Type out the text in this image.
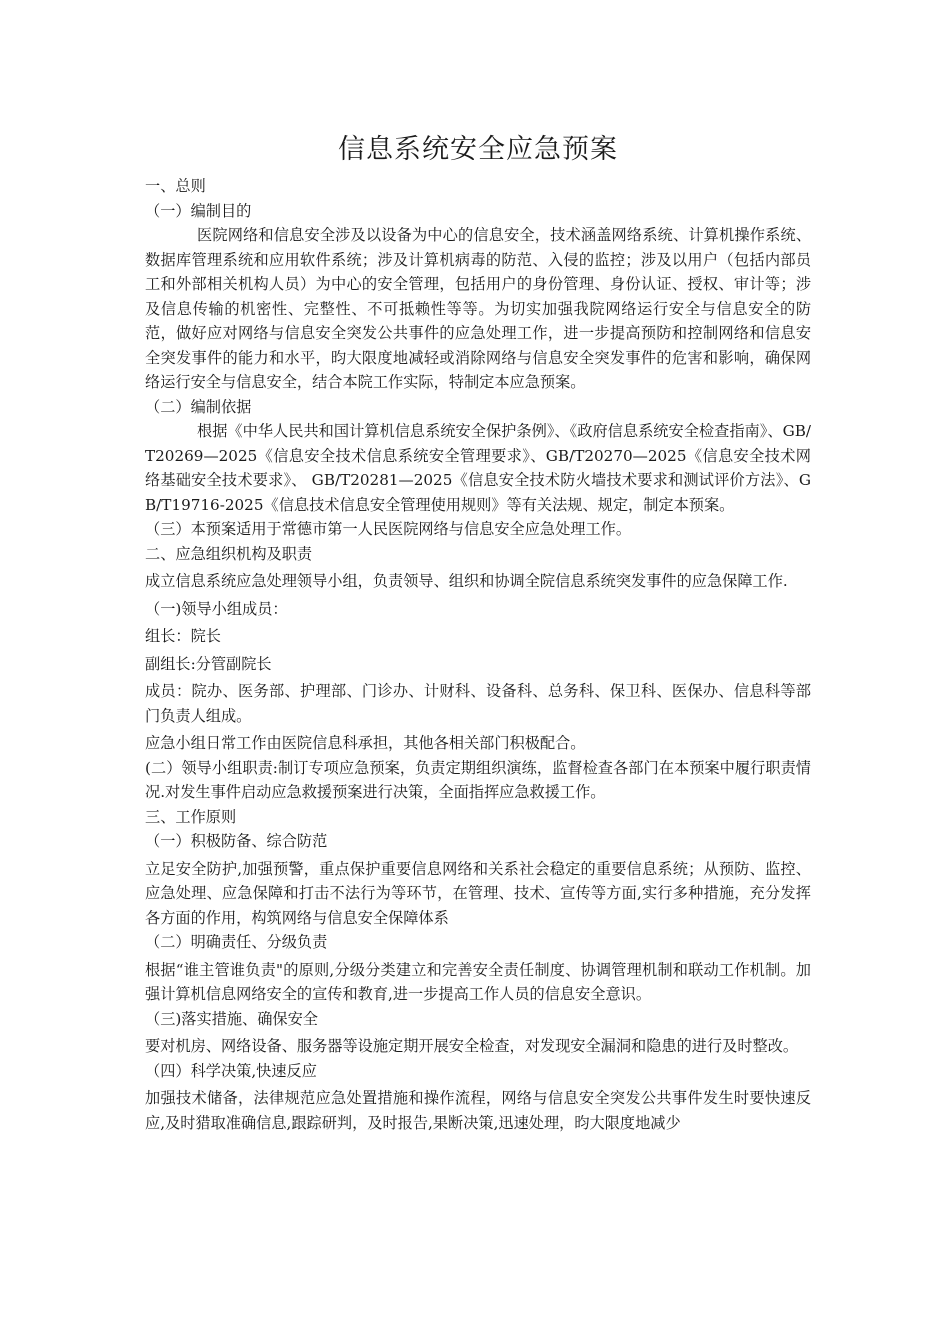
信息系统安全应急预案

一、总则

（一）编制目的

医院网络和信息安全涉及以设备为中心的信息安全，技术涵盖网络系统、计算机操作系统、数据库管理系统和应用软件系统；涉及计算机病毒的防范、入侵的监控；涉及以用户（包括内部员工和外部相关机构人员）为中心的安全管理，包括用户的身份管理、身份认证、授权、审计等；涉及信息传输的机密性、完整性、不可抵赖性等等。为切实加强我院网络运行安全与信息安全的防范，做好应对网络与信息安全突发公共事件的应急处理工作，进一步提高预防和控制网络和信息安全突发事件的能力和水平，昀大限度地减轻或消除网络与信息安全突发事件的危害和影响，确保网络运行安全与信息安全，结合本院工作实际，特制定本应急预案。

（二）编制依据

根据《中华人民共和国计算机信息系统安全保护条例》、《政府信息系统安全检查指南》、GB/T20269—2025《信息安全技术信息系统安全管理要求》、GB/T20270—2025《信息安全技术网络基础安全技术要求》、 GB/T20281—2025《信息安全技术防火墙技术要求和测试评价方法》、GB/T19716-2025《信息技术信息安全管理使用规则》等有关法规、规定，制定本预案。

（三）本预案适用于常德市第一人民医院网络与信息安全应急处理工作。

二、应急组织机构及职责

成立信息系统应急处理领导小组，负责领导、组织和协调全院信息系统突发事件的应急保障工作.

（一)领导小组成员：

组长：院长

副组长:分管副院长

成员：院办、医务部、护理部、门诊办、计财科、设备科、总务科、保卫科、医保办、信息科等部门负责人组成。

应急小组日常工作由医院信息科承担，其他各相关部门积极配合。

(二）领导小组职责:制订专项应急预案，负责定期组织演练，监督检查各部门在本预案中履行职责情况.对发生事件启动应急救援预案进行决策，全面指挥应急救援工作。

三、工作原则

（一）积极防备、综合防范

立足安全防护,加强预警，重点保护重要信息网络和关系社会稳定的重要信息系统；从预防、监控、应急处理、应急保障和打击不法行为等环节，在管理、技术、宣传等方面,实行多种措施，充分发挥各方面的作用，构筑网络与信息安全保障体系

（二）明确责任、分级负责

根据“谁主管谁负责"的原则,分级分类建立和完善安全责任制度、协调管理机制和联动工作机制。加强计算机信息网络安全的宣传和教育,进一步提高工作人员的信息安全意识。

（三)落实措施、确保安全

要对机房、网络设备、服务器等设施定期开展安全检查，对发现安全漏洞和隐患的进行及时整改。

（四）科学决策,快速反应

加强技术储备，法律规范应急处置措施和操作流程，网络与信息安全突发公共事件发生时要快速反应,及时猎取准确信息,跟踪研判，及时报告,果断决策,迅速处理，昀大限度地减少
